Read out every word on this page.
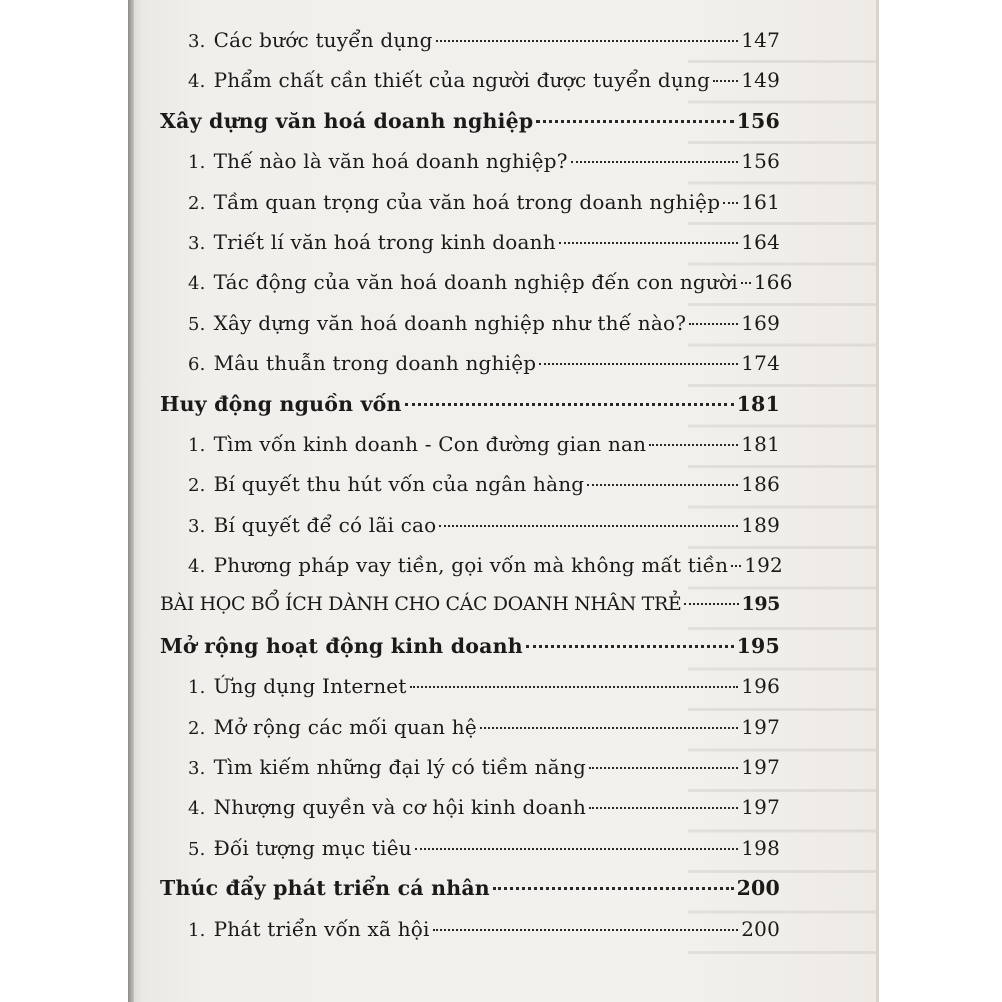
3. Các bước tuyển dụng	147
4. Phẩm chất cần thiết của người được tuyển dụng 149
Xây dựng văn hoá doanh nghiệp	156
1. Thế nào là văn hoá doanh nghiệp?	156
2. Tầm quan trọng của văn hoá trong doanh nghiệp 161
3. Triết lí văn hoá trong kinh doanh	164
4. Tác động của văn hoá doanh nghiệp đến con người 166
5. Xây dựng văn hoá doanh nghiệp như thế nào?	169
6. Mâu thuẫn trong doanh nghiệp	174
Huy động nguồn vốn	181
1. Tìm vốn kinh doanh - Con đường gian nan	181
2. Bí quyết thu hút vốn của ngân hàng	186
3. Bí quyết để có lãi cao	189
4. Phương pháp vay tiền, gọi vốn mà không mất tiền 192
BÀI HỌC BỔ ÍCH DÀNH CHO CÁC DOANH NHÂN TRẺ	195
Mở rộng hoạt động kinh doanh	195
1. Ứng dụng Internet	196
2. Mở rộng các mối quan hệ	197
3. Tìm kiếm những đại lý có tiềm năng	197
4. Nhượng quyền và cơ hội kinh doanh	197
5. Đối tượng mục tiêu	198
Thúc đẩy phát triển cá nhân	200
1. Phát triển vốn xã hội	200
